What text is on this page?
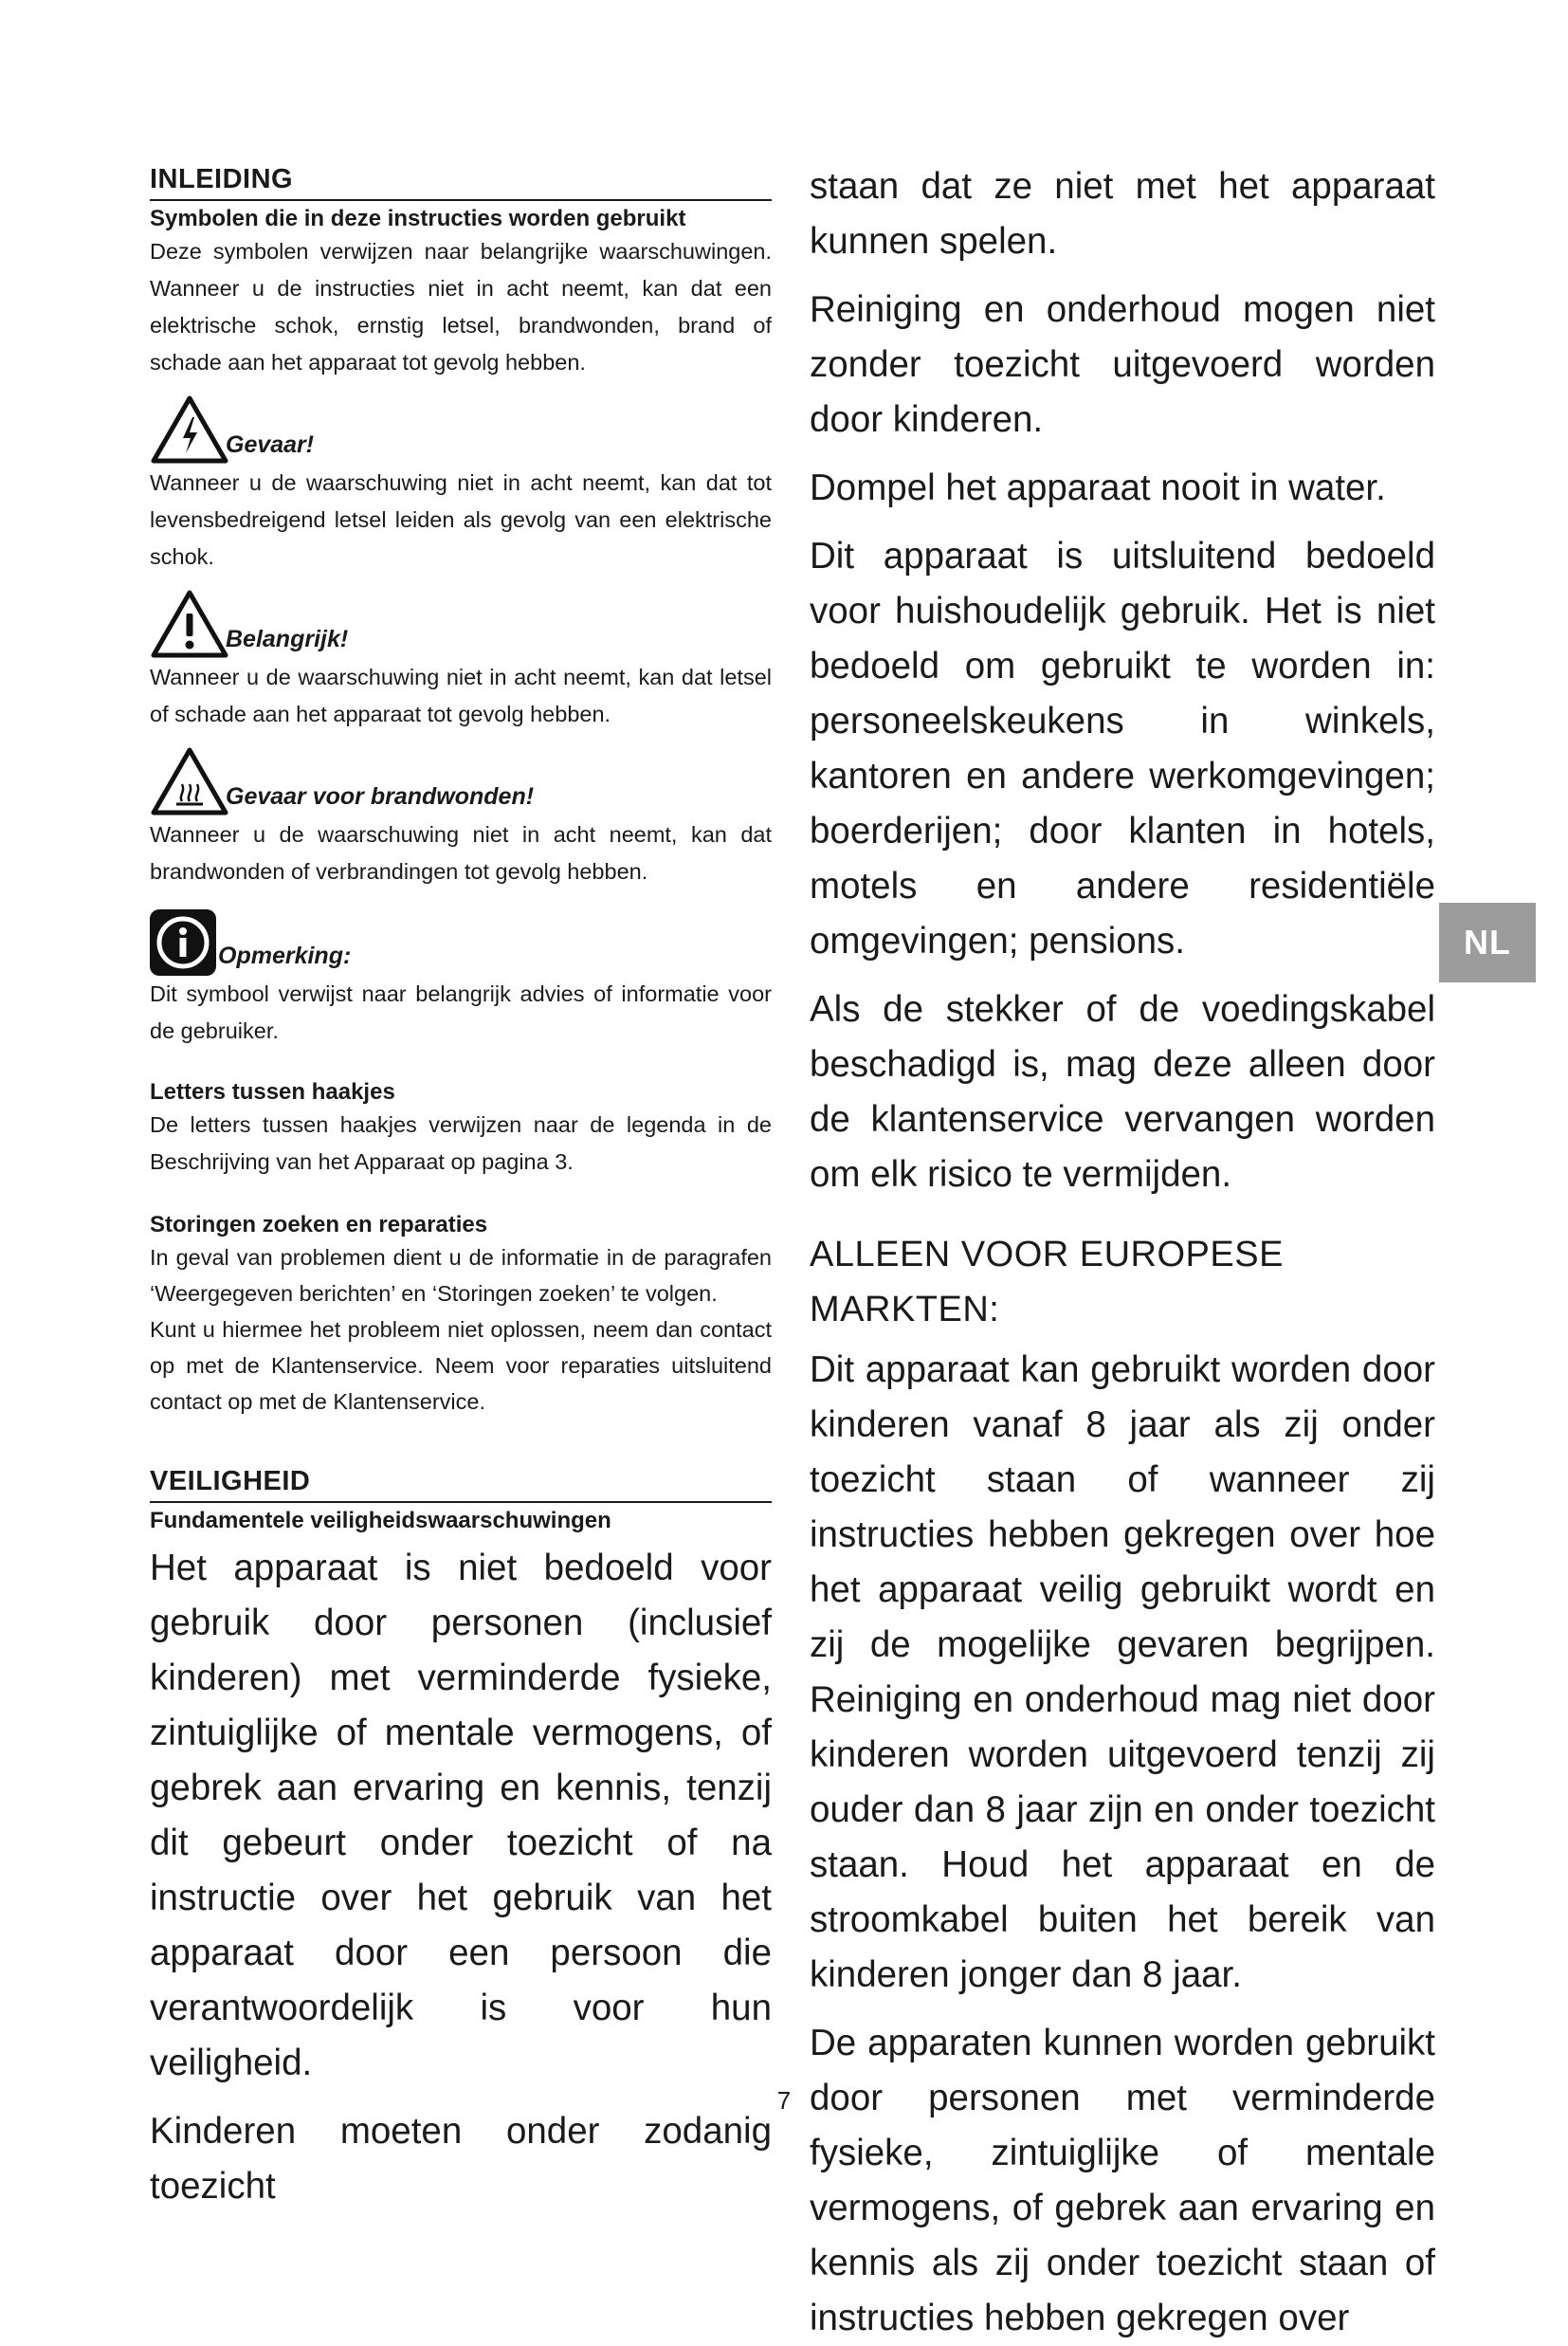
INLEIDING

Symbolen die in deze instructies worden gebruikt

Deze symbolen verwijzen naar belangrijke waarschuwingen. Wanneer u de instructies niet in acht neemt, kan dat een elektrische schok, ernstig letsel, brandwonden, brand of schade aan het apparaat tot gevolg hebben.

Gevaar!

Wanneer u de waarschuwing niet in acht neemt, kan dat tot levensbedreigend letsel leiden als gevolg van een elektrische schok.

Belangrijk!

Wanneer u de waarschuwing niet in acht neemt, kan dat letsel of schade aan het apparaat tot gevolg hebben.

Gevaar voor brandwonden!

Wanneer u de waarschuwing niet in acht neemt, kan dat brandwonden of verbrandingen tot gevolg hebben.

Opmerking:

Dit symbool verwijst naar belangrijk advies of informatie voor de gebruiker.

Letters tussen haakjes

De letters tussen haakjes verwijzen naar de legenda in de Beschrijving van het Apparaat op pagina 3.

Storingen zoeken en reparaties

In geval van problemen dient u de informatie in de paragrafen ‘Weergegeven berichten’ en ‘Storingen zoeken’ te volgen.

Kunt u hiermee het probleem niet oplossen, neem dan contact op met de Klantenservice. Neem voor reparaties uitsluitend contact op met de Klantenservice.

VEILIGHEID

Fundamentele veiligheidswaarschuwingen

Het apparaat is niet bedoeld voor gebruik door personen (inclusief kinderen) met verminderde fysieke, zintuiglijke of mentale vermogens, of gebrek aan ervaring en kennis, tenzij dit gebeurt onder toezicht of na instructie over het gebruik van het apparaat door een persoon die verantwoordelijk is voor hun veiligheid.

Kinderen moeten onder zodanig toezicht

staan dat ze niet met het apparaat kunnen spelen.

Reiniging en onderhoud mogen niet zonder toezicht uitgevoerd worden door kinderen.

Dompel het apparaat nooit in water.

Dit apparaat is uitsluitend bedoeld voor huishoudelijk gebruik. Het is niet bedoeld om gebruikt te worden in: personeelskeukens in winkels, kantoren en andere werkomgevingen; boerderijen; door klanten in hotels, motels en andere residentiële omgevingen; pensions.

Als de stekker of de voedingskabel beschadigd is, mag deze alleen door de klantenservice vervangen worden om elk risico te vermijden.

ALLEEN VOOR EUROPESE MARKTEN:

Dit apparaat kan gebruikt worden door kinderen vanaf 8 jaar als zij onder toezicht staan of wanneer zij instructies hebben gekregen over hoe het apparaat veilig gebruikt wordt en zij de mogelijke gevaren begrijpen. Reiniging en onderhoud mag niet door kinderen worden uitgevoerd tenzij zij ouder dan 8 jaar zijn en onder toezicht staan. Houd het apparaat en de stroomkabel buiten het bereik van kinderen jonger dan 8 jaar.

De apparaten kunnen worden gebruikt door personen met verminderde fysieke, zintuiglijke of mentale vermogens, of gebrek aan ervaring en kennis als zij onder toezicht staan of instructies hebben gekregen over

NL
7
